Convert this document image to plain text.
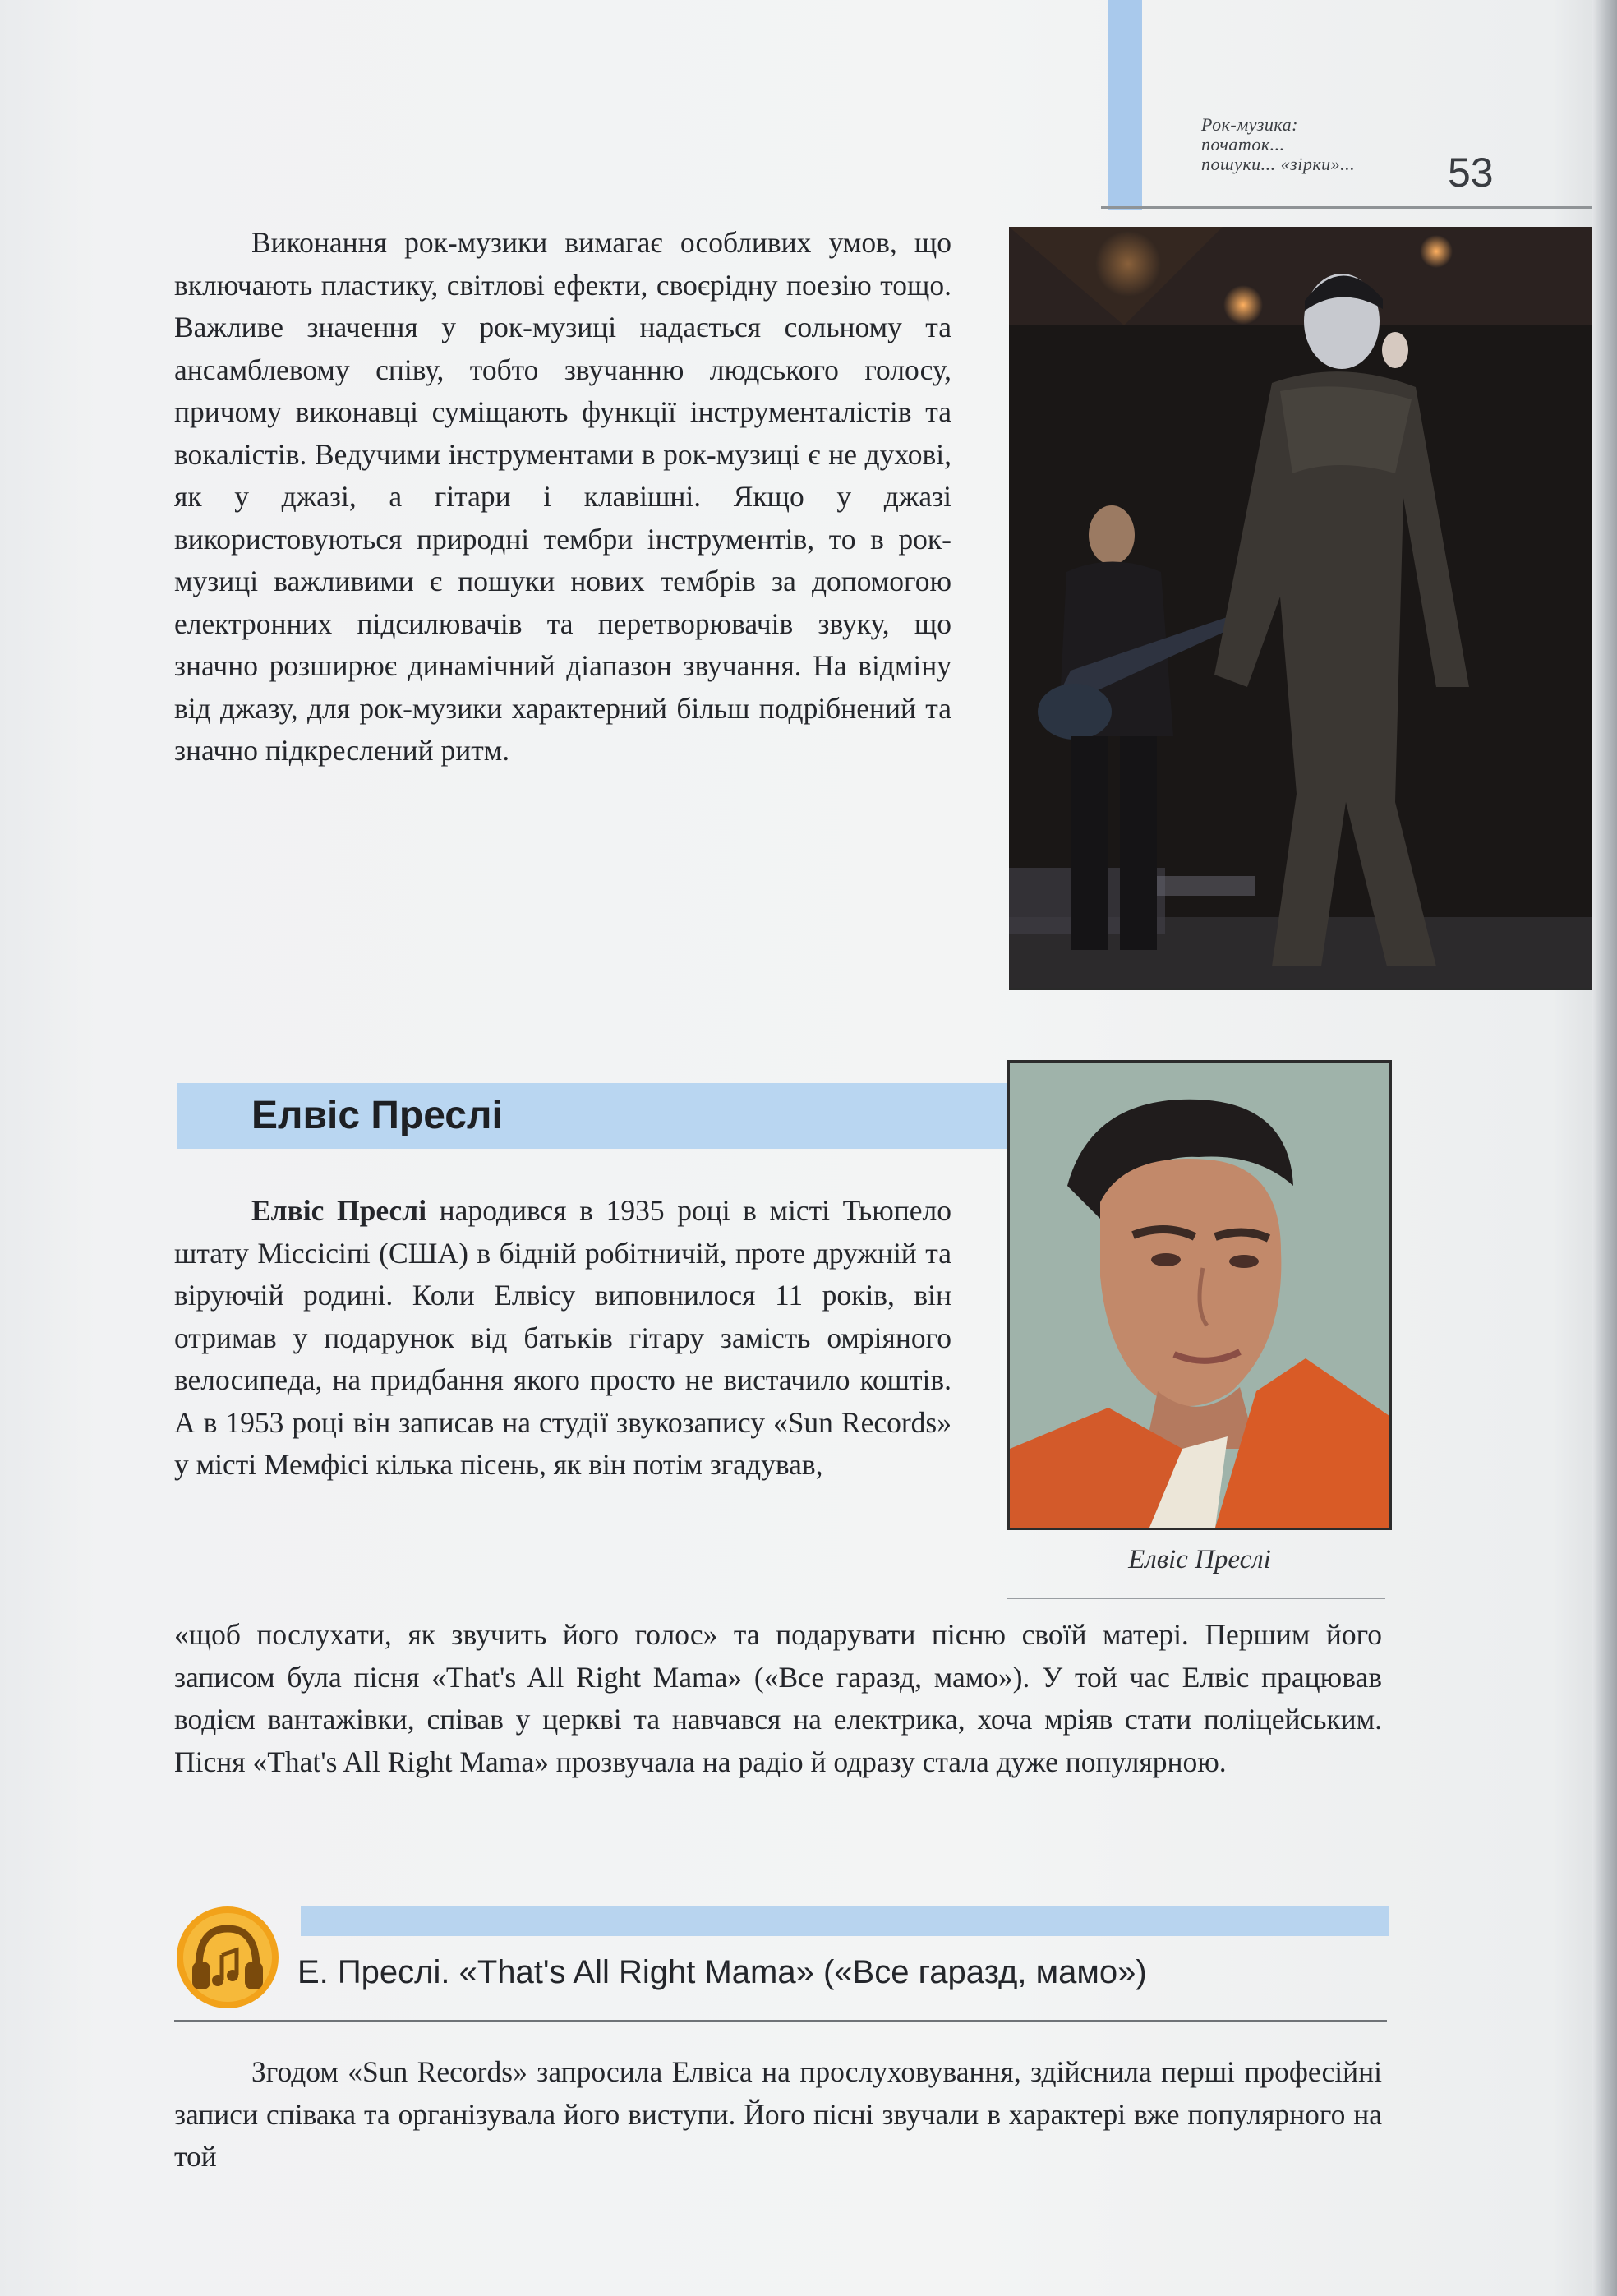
Рок-музика:
початок...
пошуки... «зірки»...	53
Виконання рок-музики вимагає особливих умов, що включають пластику, світлові ефекти, своєрідну поезію тощо. Важливе значення у рок-музиці надається сольному та ансамблевому співу, тобто звучанню людського голосу, причому виконавці суміщають функції інструменталістів та вокалістів. Ведучими інструментами в рок-музиці є не духові, як у джазі, а гітари і клавішні. Якщо у джазі використовуються природні тембри інструментів, то в рок-музиці важливими є пошуки нових тембрів за допомогою електронних підсилювачів та перетворювачів звуку, що значно розширює динамічний діапазон звучання. На відміну від джазу, для рок-музики характерний більш подрібнений та значно підкреслений ритм.
Елвіс Преслі
Елвіс Преслі
Елвіс Преслі народився в 1935 році в місті Тьюпело штату Міссісіпі (США) в бідній робітничій, проте дружній та віруючій родині. Коли Елвісу виповнилося 11 років, він отримав у подарунок від батьків гітару замість омріяного велосипеда, на придбання якого просто не вистачило коштів. А в 1953 році він записав на студії звукозапису «Sun Records» у місті Мемфісі кілька пісень, як він потім згадував,
«щоб послухати, як звучить його голос» та подарувати пісню своїй матері. Першим його записом була пісня «That's All Right Mama» («Все гаразд, мамо»). У той час Елвіс працював водієм вантажівки, співав у церкві та навчався на електрика, хоча мріяв стати поліцейським. Пісня «That's All Right Mama» прозвучала на радіо й одразу стала дуже популярною.
Е. Преслі. «That's All Right Mama» («Все гаразд, мамо»)
Згодом «Sun Records» запросила Елвіса на прослуховування, здійснила перші професійні записи співака та організувала його виступи. Його пісні звучали в характері вже популярного на той
